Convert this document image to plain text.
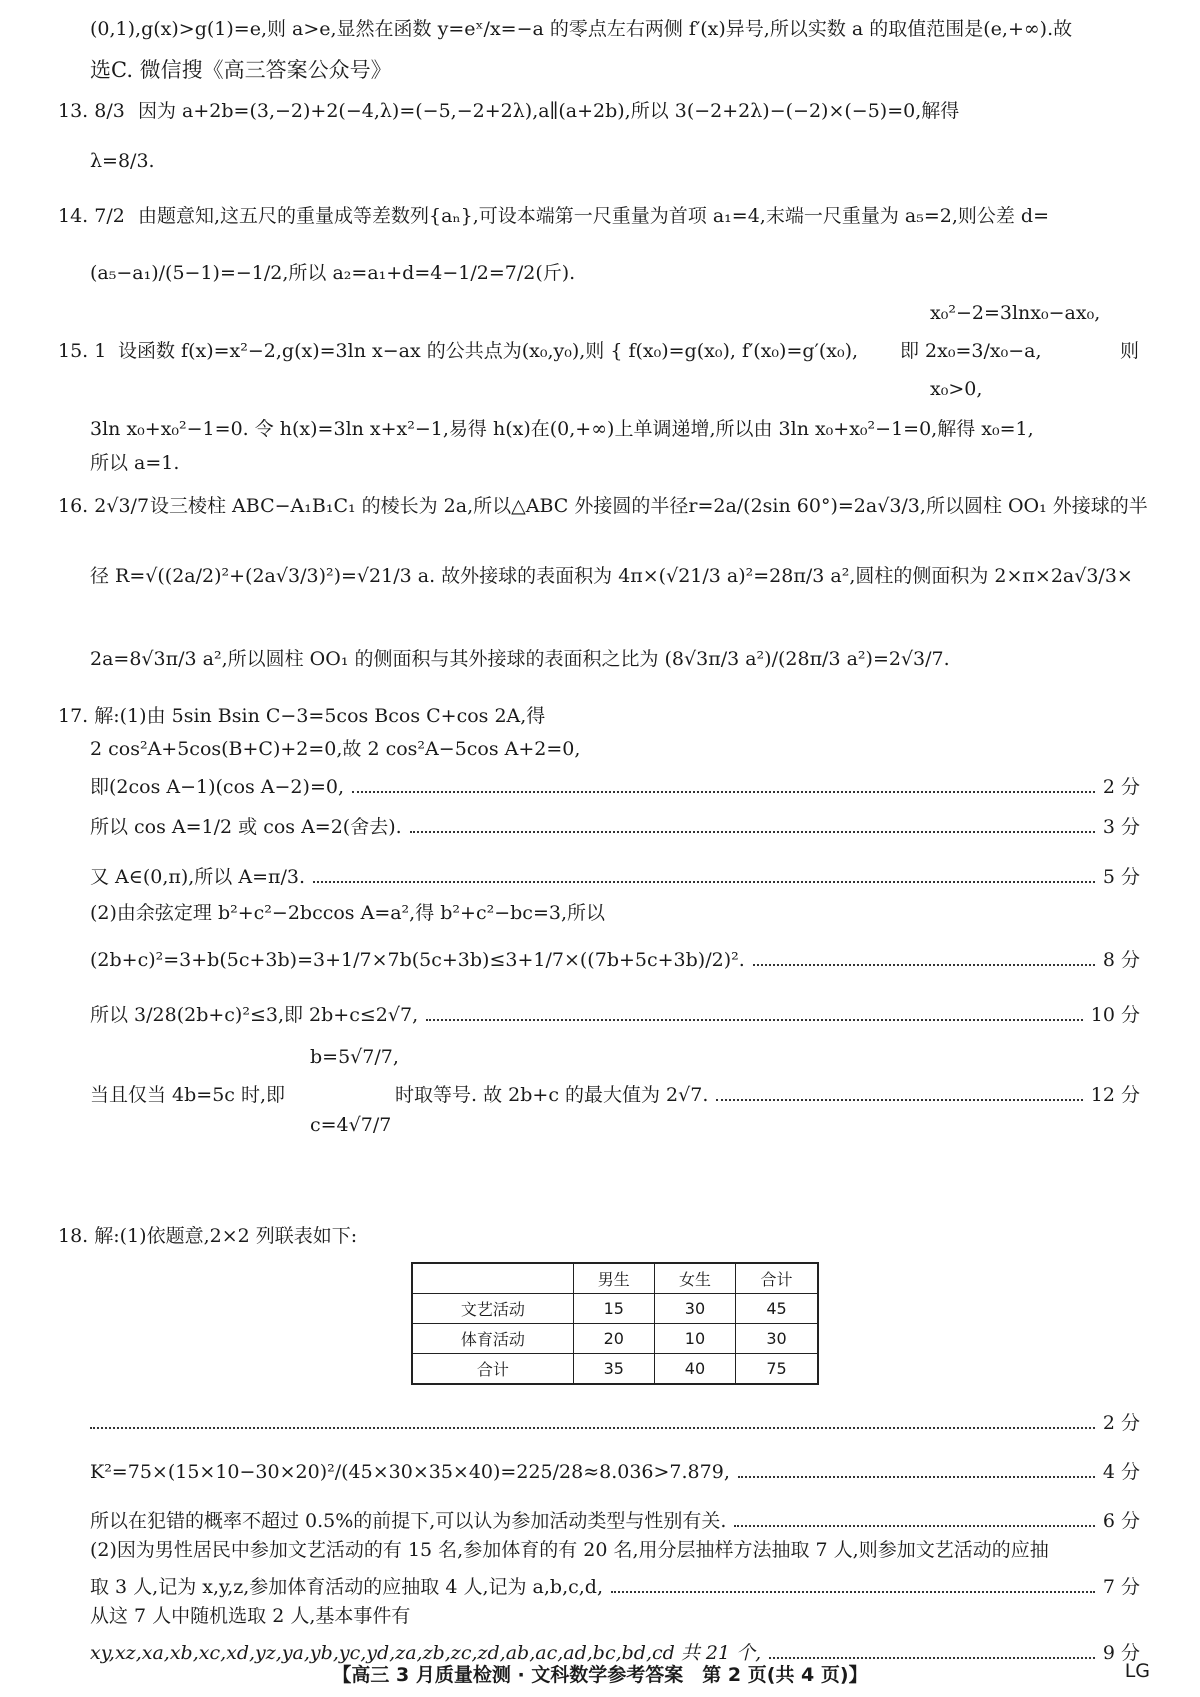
(0,1),g(x)>g(1)=e,则 a>e,显然在函数 y=eˣ/x=−a 的零点左右两侧 f′(x)异号,所以实数 a 的取值范围是(e,+∞).故
选C. 微信搜《高三答案公众号》
13. 8/3 因为 a+2b=(3,−2)+2(−4,λ)=(−5,−2+2λ),a∥(a+2b),所以 3(−2+2λ)−(−2)×(−5)=0,解得
λ=8/3.
14. 7/2 由题意知,这五尺的重量成等差数列{aₙ},可设本端第一尺重量为首项 a₁=4,末端一尺重量为 a₅=2,则公差 d=
(a₅−a₁)/(5−1)=−1/2,所以 a₂=a₁+d=4−1/2=7/2(斤).
15. 1 设函数 f(x)=x²−2,g(x)=3ln x−ax 的公共点为(x₀,y₀),则 { f(x₀)=g(x₀), f′(x₀)=g′(x₀),
x₀²−2=3lnx₀−ax₀,
即 2x₀=3/x₀−a,
x₀>0,
则
3ln x₀+x₀²−1=0. 令 h(x)=3ln x+x²−1,易得 h(x)在(0,+∞)上单调递增,所以由 3ln x₀+x₀²−1=0,解得 x₀=1,
所以 a=1.
16. 2√3/7 设三棱柱 ABC−A₁B₁C₁ 的棱长为 2a,所以△ABC 外接圆的半径r=2a/(2sin 60°)=2a√3/3,所以圆柱 OO₁ 外接球的半
径 R=√((2a/2)²+(2a√3/3)²)=√21/3 a. 故外接球的表面积为 4π×(√21/3 a)²=28π/3 a²,圆柱的侧面积为 2×π×2a√3/3×
2a=8√3π/3 a²,所以圆柱 OO₁ 的侧面积与其外接球的表面积之比为 (8√3π/3 a²)/(28π/3 a²)=2√3/7.
17. 解:(1)由 5sin Bsin C−3=5cos Bcos C+cos 2A,得
2 cos²A+5cos(B+C)+2=0,故 2 cos²A−5cos A+2=0,
即(2cos A−1)(cos A−2)=0,	2 分
所以 cos A=1/2 或 cos A=2(舍去).	3 分
又 A∈(0,π),所以 A=π/3.	5 分
(2)由余弦定理 b²+c²−2bccos A=a²,得 b²+c²−bc=3,所以
(2b+c)²=3+b(5c+3b)=3+1/7×7b(5c+3b)≤3+1/7×((7b+5c+3b)/2)².	8 分
所以 3/28(2b+c)²≤3,即 2b+c≤2√7,	10 分
b=5√7/7,
当且仅当 4b=5c 时,即	时取等号. 故 2b+c 的最大值为 2√7.	12 分
c=4√7/7
18. 解:(1)依题意,2×2 列联表如下:
	男生	女生	合计
文艺活动	15	30	45
体育活动	20	10	30
合计	35	40	75
2 分
K²=75×(15×10−30×20)²/(45×30×35×40)=225/28≈8.036>7.879,	4 分
所以在犯错的概率不超过 0.5%的前提下,可以认为参加活动类型与性别有关.	6 分
(2)因为男性居民中参加文艺活动的有 15 名,参加体育的有 20 名,用分层抽样方法抽取 7 人,则参加文艺活动的应抽
取 3 人,记为 x,y,z,参加体育活动的应抽取 4 人,记为 a,b,c,d,	7 分
从这 7 人中随机选取 2 人,基本事件有
xy,xz,xa,xb,xc,xd,yz,ya,yb,yc,yd,za,zb,zc,zd,ab,ac,ad,bc,bd,cd 共 21 个,	9 分
【高三 3 月质量检测 · 文科数学参考答案　第 2 页(共 4 页)】	LG
